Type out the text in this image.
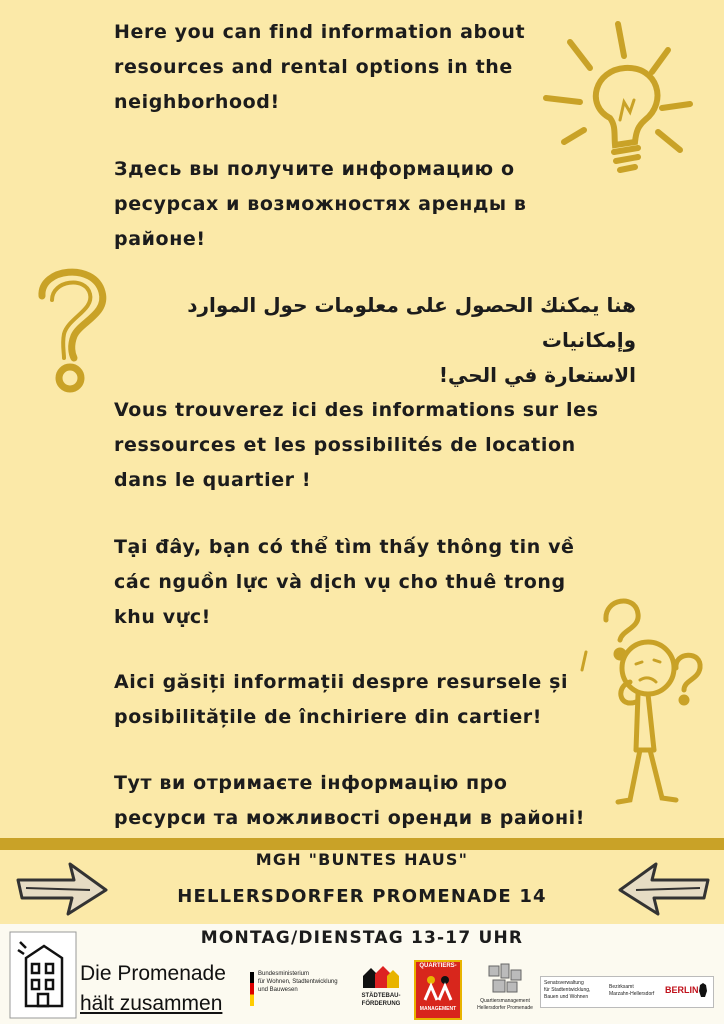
Here you can find information about
resources and rental options in the
neighborhood!

Здесь вы получите информацию о
ресурсах и возможностях аренды в
районе!

هنا يمكنك الحصول على معلومات حول الموارد وإمكانيات
الاستعارة في الحي!

Vous trouverez ici des informations sur les
ressources et les possibilités de location
dans le quartier !

Tại đây, bạn có thể tìm thấy thông tin về
các nguồn lực và dịch vụ cho thuê trong
khu vực!

Aici găsiți informații despre resursele și
posibilitățile de închiriere din cartier!

Тут ви отримаєте інформацію про
ресурси та можливості оренди в районі!

MGH "BUNTES HAUS"
HELLERSDORFER PROMENADE 14
MONTAG/DIENSTAG 13-17 UHR
Die Promenade
hält zusammen
Bundesministerium
für Wohnen, Stadtentwicklung
und Bauwesen
STÄDTEBAU-
FÖRDERUNG
QUARTIERS-
MANAGEMENT
Quartiersmanagement
Hellersdorfer Promenade
Senatsverwaltung
für Stadtentwicklung,
Bauen und Wohnen
Bezirksamt
Marzahn-Hellersdorf BERLIN
